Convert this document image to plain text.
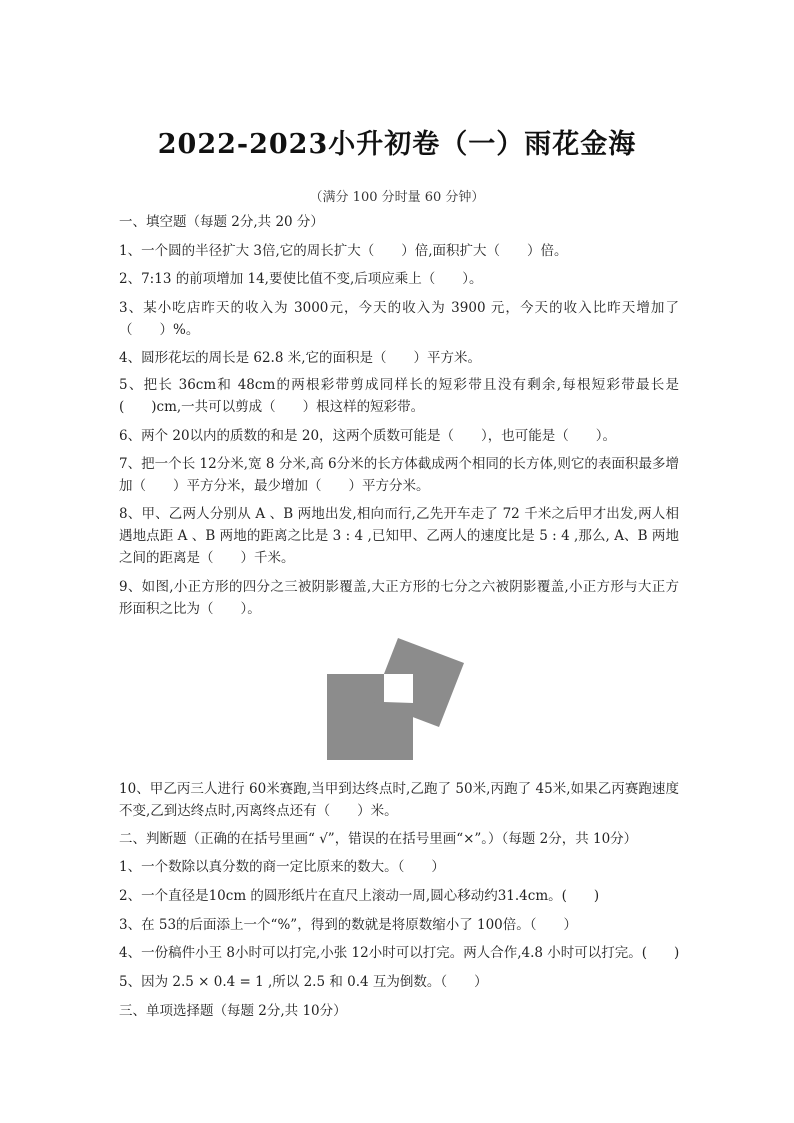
2022-2023小升初卷（一）雨花金海
（满分 100 分时量 60 分钟）
一、填空题（每题 2分,共 20 分）
1、一个圆的半径扩大 3倍,它的周长扩大（　　）倍,面积扩大（　　）倍。
2、7:13 的前项增加 14,要使比值不变,后项应乘上（　　）。
3、某小吃店昨天的收入为 3000元，今天的收入为 3900 元，今天的收入比昨天增加了（　　）%。
4、圆形花坛的周长是 62.8 米,它的面积是（　　）平方米。
5、把长 36cm和 48cm的两根彩带剪成同样长的短彩带且没有剩余,每根短彩带最长是(　　)cm,一共可以剪成（　　）根这样的短彩带。
6、两个 20以内的质数的和是 20，这两个质数可能是（　　），也可能是（　　）。
7、把一个长 12分米,宽 8 分米,高 6分米的长方体截成两个相同的长方体,则它的表面积最多增加（　　）平方分米，最少增加（　　）平方分米。
8、甲、乙两人分别从 A 、B 两地出发,相向而行,乙先开车走了 72 千米之后甲才出发,两人相遇地点距 A 、B 两地的距离之比是 3 : 4 ,已知甲、乙两人的速度比是 5 : 4 ,那么, A、B 两地之间的距离是（　　）千米。
9、如图,小正方形的四分之三被阴影覆盖,大正方形的七分之六被阴影覆盖,小正方形与大正方形面积之比为（　　）。
10、甲乙丙三人进行 60米赛跑,当甲到达终点时,乙跑了 50米,丙跑了 45米,如果乙丙赛跑速度不变,乙到达终点时,丙离终点还有（　　）米。
二、判断题（正确的在括号里画“ √”，错误的在括号里画“×”。）（每题 2分，共 10分）
1、一个数除以真分数的商一定比原来的数大。（　　）
2、一个直径是10cm 的圆形纸片在直尺上滚动一周,圆心移动约31.4cm。(　　)
3、在 53的后面添上一个“%”，得到的数就是将原数缩小了 100倍。（　　）
4、一份稿件小王 8小时可以打完,小张 12小时可以打完。两人合作,4.8 小时可以打完。(　　)
5、因为 2.5 × 0.4 = 1 ,所以 2.5 和 0.4 互为倒数。（　　）
三、单项选择题（每题 2分,共 10分）
